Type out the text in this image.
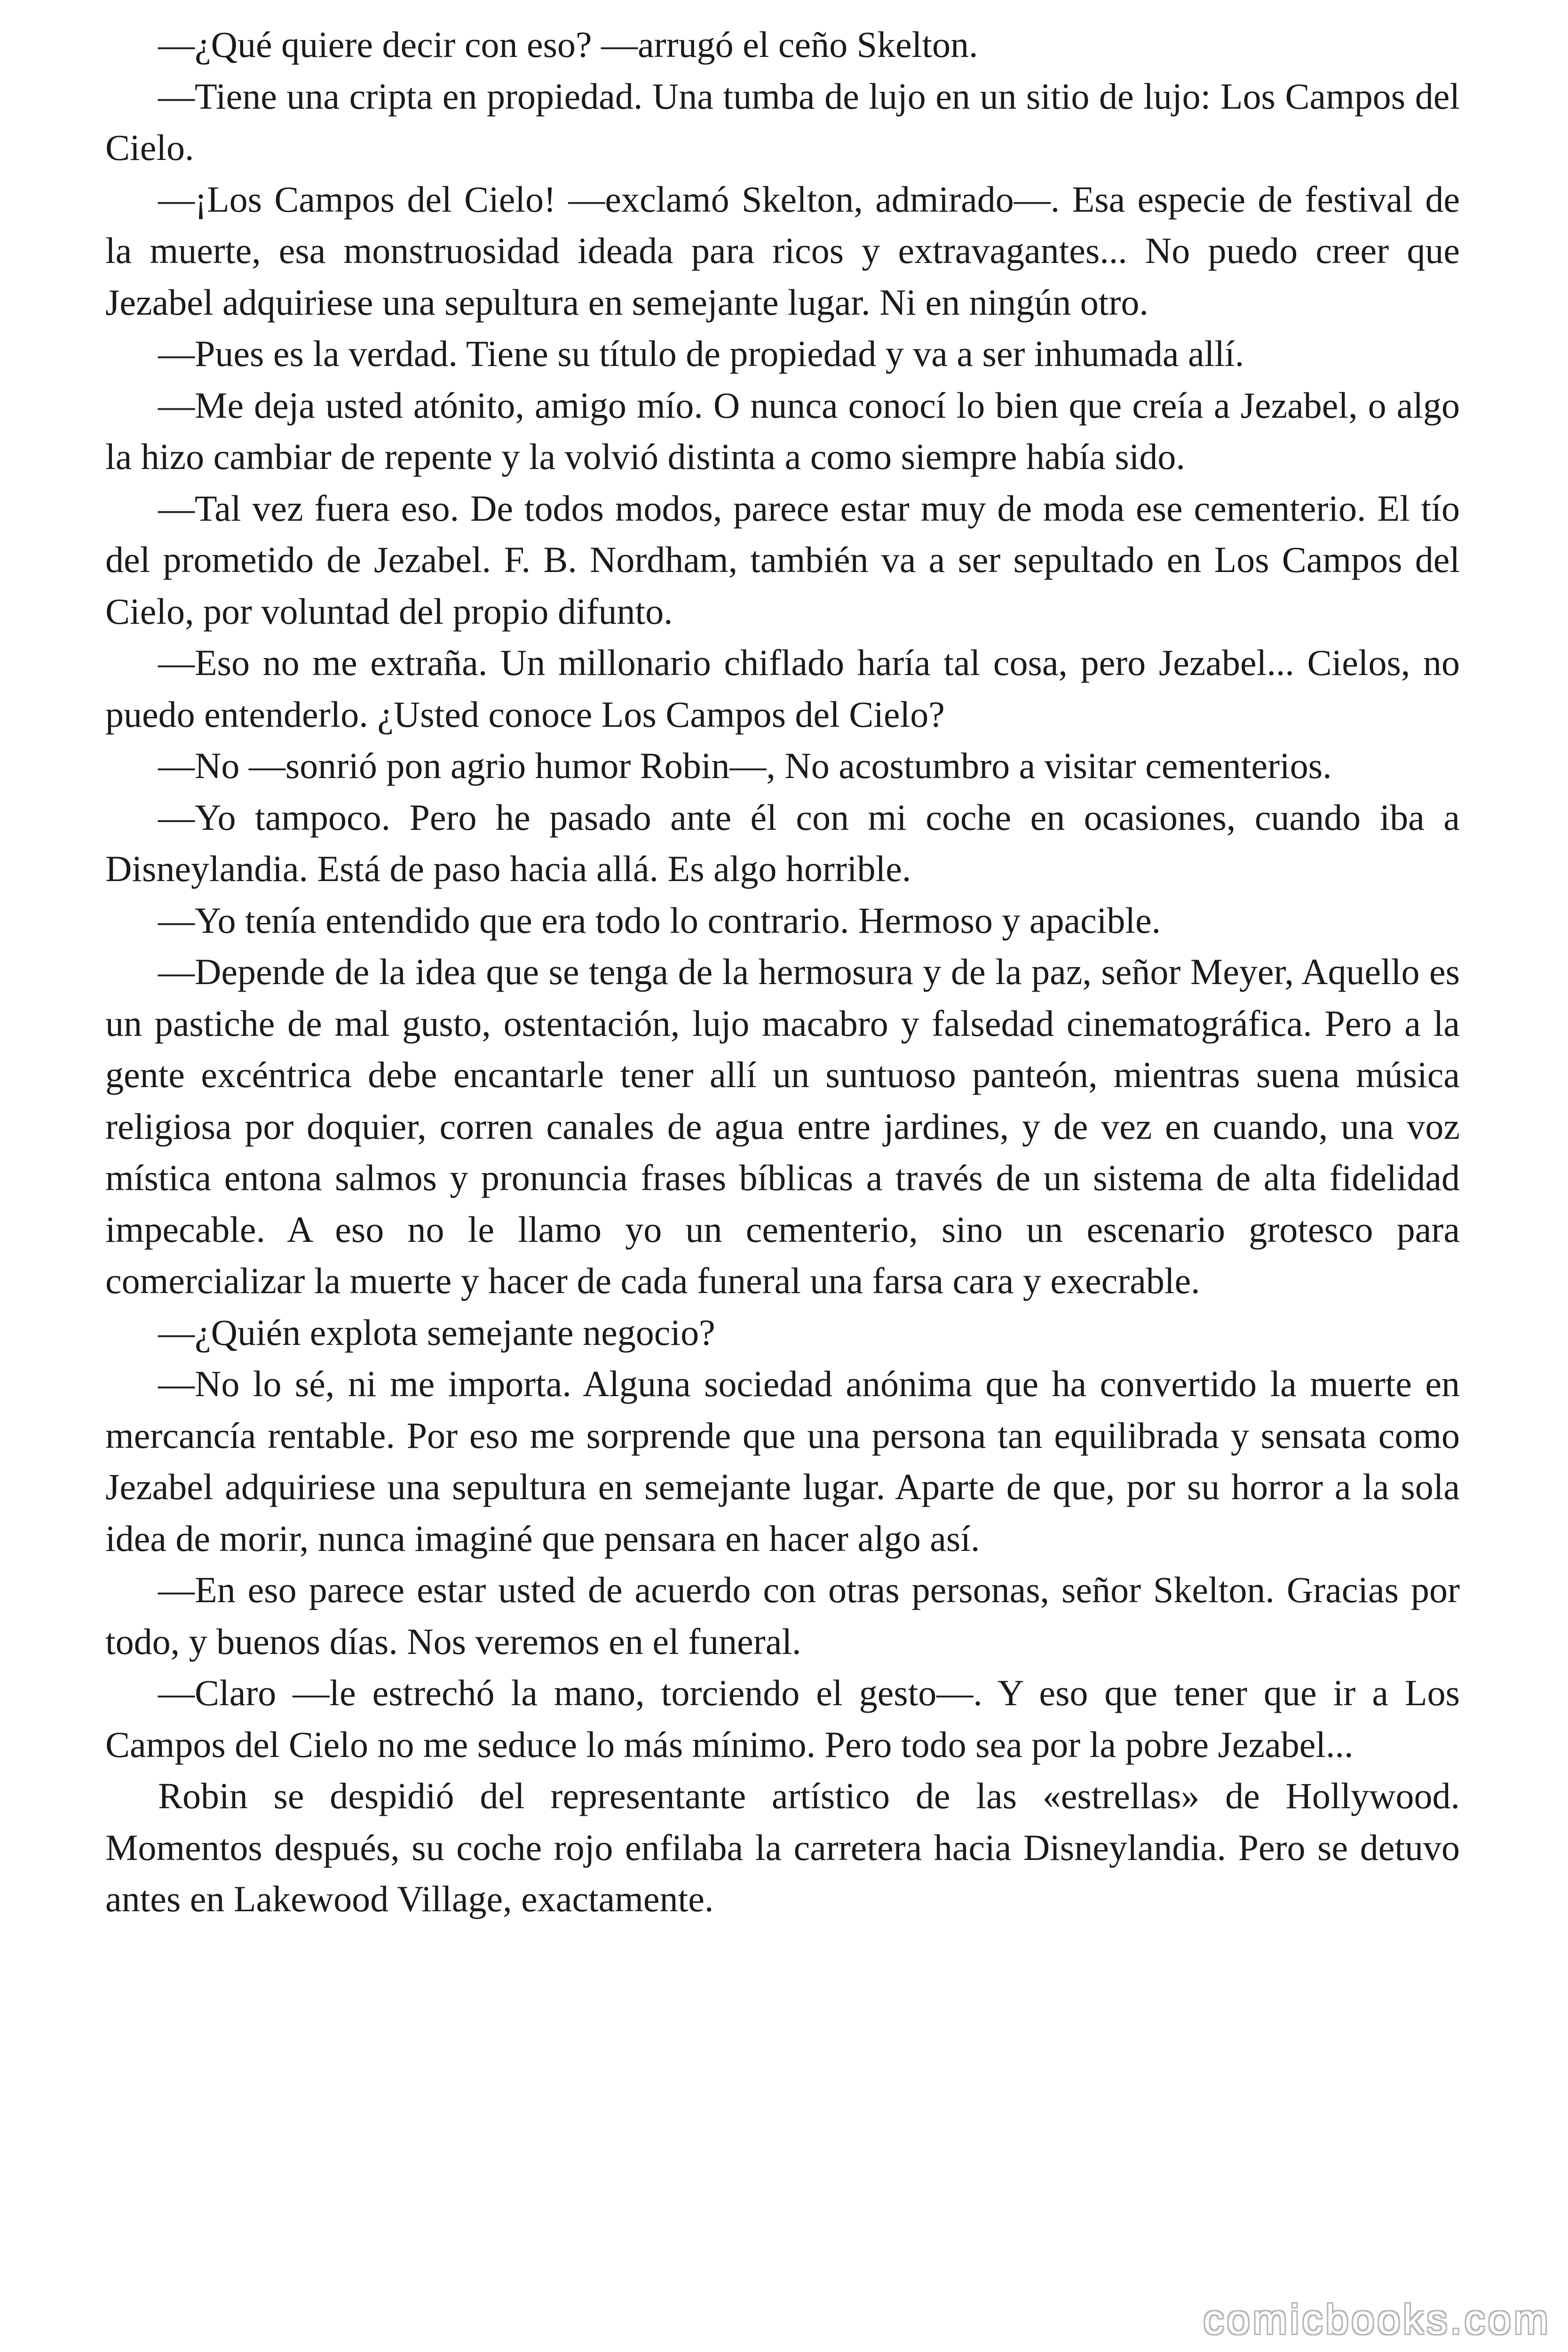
—¿Qué quiere decir con eso? —arrugó el ceño Skelton.

—Tiene una cripta en propiedad. Una tumba de lujo en un sitio de lujo: Los Campos del Cielo.

—¡Los Campos del Cielo! —exclamó Skelton, admirado—. Esa especie de festival de la muerte, esa monstruosidad ideada para ricos y extravagantes... No puedo creer que Jezabel adquiriese una sepultura en semejante lugar. Ni en ningún otro.

—Pues es la verdad. Tiene su título de propiedad y va a ser inhumada allí.

—Me deja usted atónito, amigo mío. O nunca conocí lo bien que creía a Jezabel, o algo la hizo cambiar de repente y la volvió distinta a como siempre había sido.

—Tal vez fuera eso. De todos modos, parece estar muy de moda ese cementerio. El tío del prometido de Jezabel. F. B. Nordham, también va a ser sepultado en Los Campos del Cielo, por voluntad del propio difunto.

—Eso no me extraña. Un millonario chiflado haría tal cosa, pero Jezabel... Cielos, no puedo entenderlo. ¿Usted conoce Los Campos del Cielo?

—No —sonrió pon agrio humor Robin—, No acostumbro a visitar cementerios.

—Yo tampoco. Pero he pasado ante él con mi coche en ocasiones, cuando iba a Disneylandia. Está de paso hacia allá. Es algo horrible.

—Yo tenía entendido que era todo lo contrario. Hermoso y apacible.

—Depende de la idea que se tenga de la hermosura y de la paz, señor Meyer, Aquello es un pastiche de mal gusto, ostentación, lujo macabro y falsedad cinematográfica. Pero a la gente excéntrica debe encantarle tener allí un suntuoso panteón, mientras suena música religiosa por doquier, corren canales de agua entre jardines, y de vez en cuando, una voz mística entona salmos y pronuncia frases bíblicas a través de un sistema de alta fidelidad impecable. A eso no le llamo yo un cementerio, sino un escenario grotesco para comercializar la muerte y hacer de cada funeral una farsa cara y execrable.

—¿Quién explota semejante negocio?

—No lo sé, ni me importa. Alguna sociedad anónima que ha convertido la muerte en mercancía rentable. Por eso me sorprende que una persona tan equilibrada y sensata como Jezabel adquiriese una sepultura en semejante lugar. Aparte de que, por su horror a la sola idea de morir, nunca imaginé que pensara en hacer algo así.

—En eso parece estar usted de acuerdo con otras personas, señor Skelton. Gracias por todo, y buenos días. Nos veremos en el funeral.

—Claro —le estrechó la mano, torciendo el gesto—. Y eso que tener que ir a Los Campos del Cielo no me seduce lo más mínimo. Pero todo sea por la pobre Jezabel...

Robin se despidió del representante artístico de las «estrellas» de Hollywood. Momentos después, su coche rojo enfilaba la carretera hacia Disneylandia. Pero se detuvo antes en Lakewood Village, exactamente.

comicbooks.com
